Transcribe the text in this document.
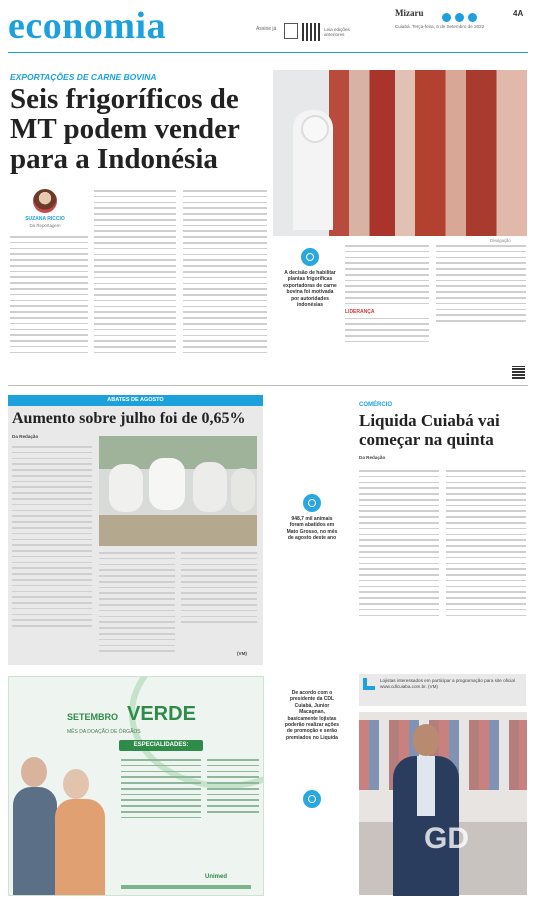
economia	Assine já	Leia edições anteriores
Mizaru
	4A
Cuiabá, Terça-feira, 6 de Setembro de 2022
EXPORTAÇÕES DE CARNE BOVINA
Seis frigoríficos de MT podem vender para a Indonésia
SUZANA RICCIO
Da Reportagem
Divulgação
A decisão de habilitar plantas frigoríficas exportadoras de carne bovina foi motivada por autoridades indonésias
LIDERANÇA
ABATES DE AGOSTO
Aumento sobre julho foi de 0,65%
Da Redação
(VM)
948,7 mil animais foram abatidos em Mato Grosso, no mês de agosto deste ano
De acordo com o presidente da CDL Cuiabá, Junior Macagnan, basicamente lojistas poderão realizar ações de promoção e serão premiados no Liquida
COMÉRCIO
Liquida Cuiabá vai começar na quinta
Da Redação
Lojistas interessados em participar a programação para site oficial www.cdlcuiaba.com.br. (VM)
GD
SETEMBRO VERDE
MÊS DA DOAÇÃO DE ÓRGÃOS
ESPECIALIDADES:
Unimed
